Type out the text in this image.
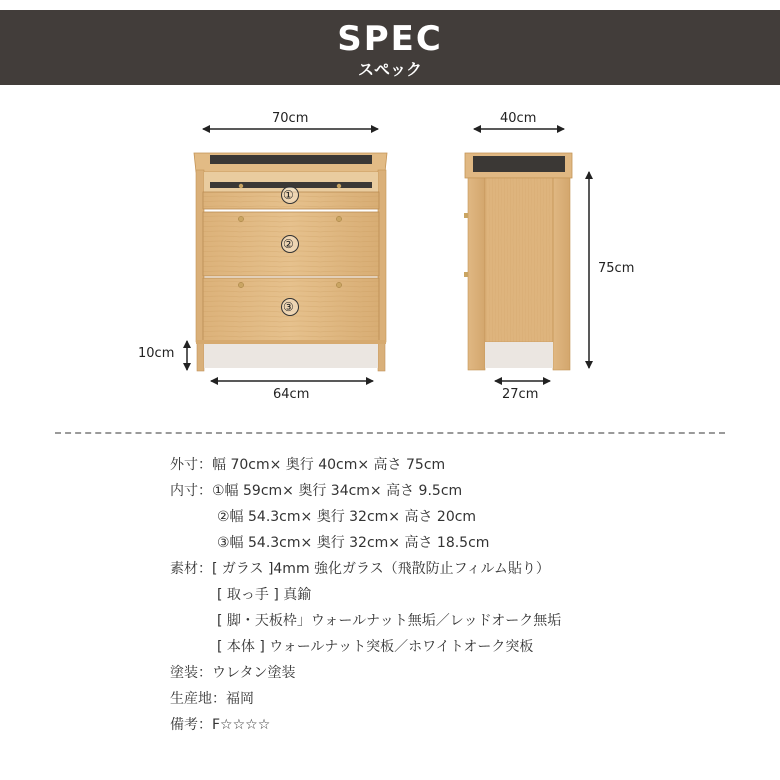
SPEC
スペック
70cm
64cm
10cm
40cm
27cm
75cm
①
②
③
外寸：幅 70cm× 奥行 40cm× 高さ 75cm
内寸：①幅 59cm× 奥行 34cm× 高さ 9.5cm
②幅 54.3cm× 奥行 32cm× 高さ 20cm
③幅 54.3cm× 奥行 32cm× 高さ 18.5cm
素材：[ ガラス ]4mm 強化ガラス（飛散防止フィルム貼り）
[ 取っ手 ] 真鍮
[ 脚・天板枠」ウォールナット無垢／レッドオーク無垢
[ 本体 ] ウォールナット突板／ホワイトオーク突板
塗装：ウレタン塗装
生産地：福岡
備考：F☆☆☆☆
